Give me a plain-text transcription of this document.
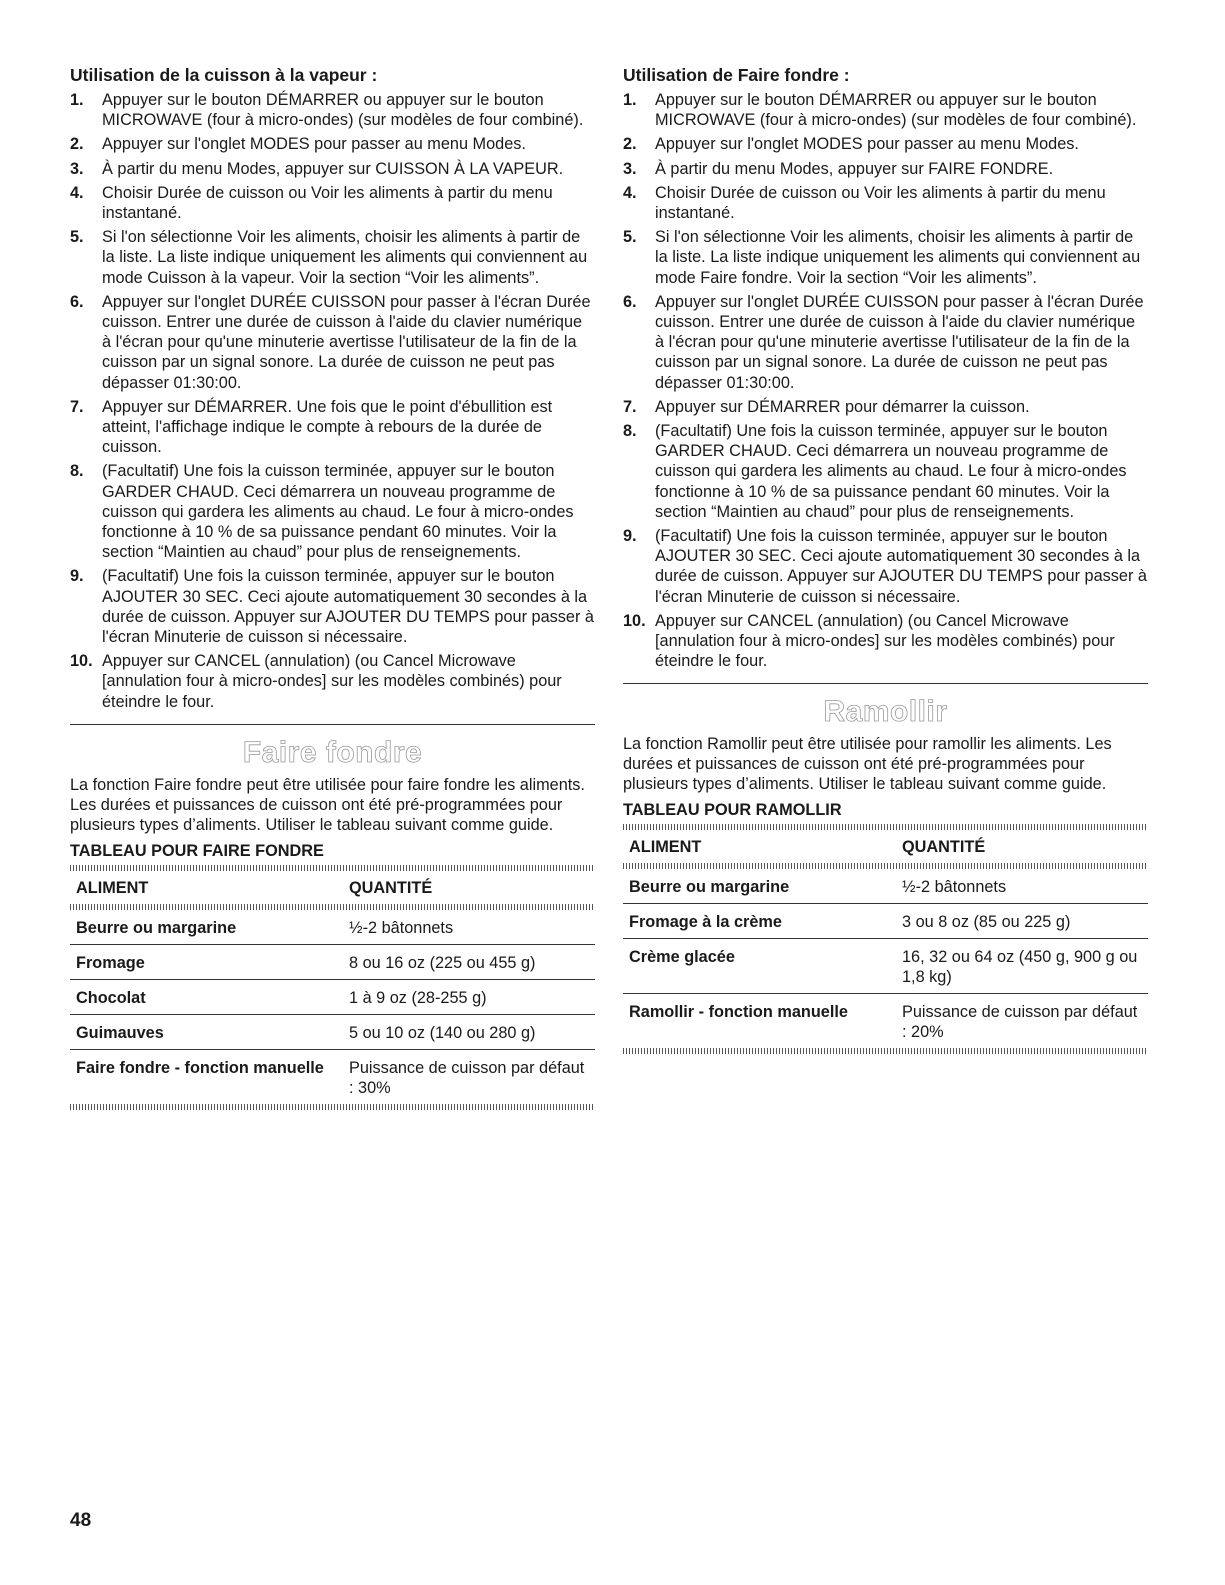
Utilisation de la cuisson à la vapeur :
1.	Appuyer sur le bouton DÉMARRER ou appuyer sur le bouton MICROWAVE (four à micro-ondes) (sur modèles de four combiné).
2.	Appuyer sur l'onglet MODES pour passer au menu Modes.
3.	À partir du menu Modes, appuyer sur CUISSON À LA VAPEUR.
4.	Choisir Durée de cuisson ou Voir les aliments à partir du menu instantané.
5.	Si l'on sélectionne Voir les aliments, choisir les aliments à partir de la liste. La liste indique uniquement les aliments qui conviennent au mode Cuisson à la vapeur. Voir la section “Voir les aliments”.
6.	Appuyer sur l'onglet DURÉE CUISSON pour passer à l'écran Durée cuisson. Entrer une durée de cuisson à l'aide du clavier numérique à l'écran pour qu'une minuterie avertisse l'utilisateur de la fin de la cuisson par un signal sonore. La durée de cuisson ne peut pas dépasser 01:30:00.
7.	Appuyer sur DÉMARRER. Une fois que le point d'ébullition est atteint, l'affichage indique le compte à rebours de la durée de cuisson.
8.	(Facultatif) Une fois la cuisson terminée, appuyer sur le bouton GARDER CHAUD. Ceci démarrera un nouveau programme de cuisson qui gardera les aliments au chaud. Le four à micro-ondes fonctionne à 10 % de sa puissance pendant 60 minutes. Voir la section “Maintien au chaud” pour plus de renseignements.
9.	(Facultatif) Une fois la cuisson terminée, appuyer sur le bouton AJOUTER 30 SEC. Ceci ajoute automatiquement 30 secondes à la durée de cuisson. Appuyer sur AJOUTER DU TEMPS pour passer à l'écran Minuterie de cuisson si nécessaire.
10. Appuyer sur CANCEL (annulation) (ou Cancel Microwave [annulation four à micro-ondes] sur les modèles combinés) pour éteindre le four.
Faire fondre

La fonction Faire fondre peut être utilisée pour faire fondre les aliments. Les durées et puissances de cuisson ont été pré-programmées pour plusieurs types d’aliments. Utiliser le tableau suivant comme guide.

TABLEAU POUR FAIRE FONDRE
ALIMENT	QUANTITÉ

Beurre ou margarine	½-2 bâtonnets
Fromage	8 ou 16 oz (225 ou 455 g)
Chocolat	1 à 9 oz (28-255 g)
Guimauves	5 ou 10 oz (140 ou 280 g)
Faire fondre - fonction manuelle	Puissance de cuisson par défaut : 30%
Utilisation de Faire fondre :
1.	Appuyer sur le bouton DÉMARRER ou appuyer sur le bouton MICROWAVE (four à micro-ondes) (sur modèles de four combiné).
2.	Appuyer sur l'onglet MODES pour passer au menu Modes.
3.	À partir du menu Modes, appuyer sur FAIRE FONDRE.
4.	Choisir Durée de cuisson ou Voir les aliments à partir du menu instantané.
5.	Si l'on sélectionne Voir les aliments, choisir les aliments à partir de la liste. La liste indique uniquement les aliments qui conviennent au mode Faire fondre. Voir la section “Voir les aliments”.
6.	Appuyer sur l'onglet DURÉE CUISSON pour passer à l'écran Durée cuisson. Entrer une durée de cuisson à l'aide du clavier numérique à l'écran pour qu'une minuterie avertisse l'utilisateur de la fin de la cuisson par un signal sonore. La durée de cuisson ne peut pas dépasser 01:30:00.
7.	Appuyer sur DÉMARRER pour démarrer la cuisson.
8.	(Facultatif) Une fois la cuisson terminée, appuyer sur le bouton GARDER CHAUD. Ceci démarrera un nouveau programme de cuisson qui gardera les aliments au chaud. Le four à micro-ondes fonctionne à 10 % de sa puissance pendant 60 minutes. Voir la section “Maintien au chaud” pour plus de renseignements.
9.	(Facultatif) Une fois la cuisson terminée, appuyer sur le bouton AJOUTER 30 SEC. Ceci ajoute automatiquement 30 secondes à la durée de cuisson. Appuyer sur AJOUTER DU TEMPS pour passer à l'écran Minuterie de cuisson si nécessaire.
10. Appuyer sur CANCEL (annulation) (ou Cancel Microwave [annulation four à micro-ondes] sur les modèles combinés) pour éteindre le four.
Ramollir

La fonction Ramollir peut être utilisée pour ramollir les aliments. Les durées et puissances de cuisson ont été pré-programmées pour plusieurs types d’aliments. Utiliser le tableau suivant comme guide.

TABLEAU POUR RAMOLLIR
ALIMENT	QUANTITÉ

Beurre ou margarine	½-2 bâtonnets
Fromage à la crème	3 ou 8 oz (85 ou 225 g)
Crème glacée	16, 32 ou 64 oz (450 g, 900 g ou 1,8 kg)
Ramollir - fonction manuelle	Puissance de cuisson par défaut : 20%
48
